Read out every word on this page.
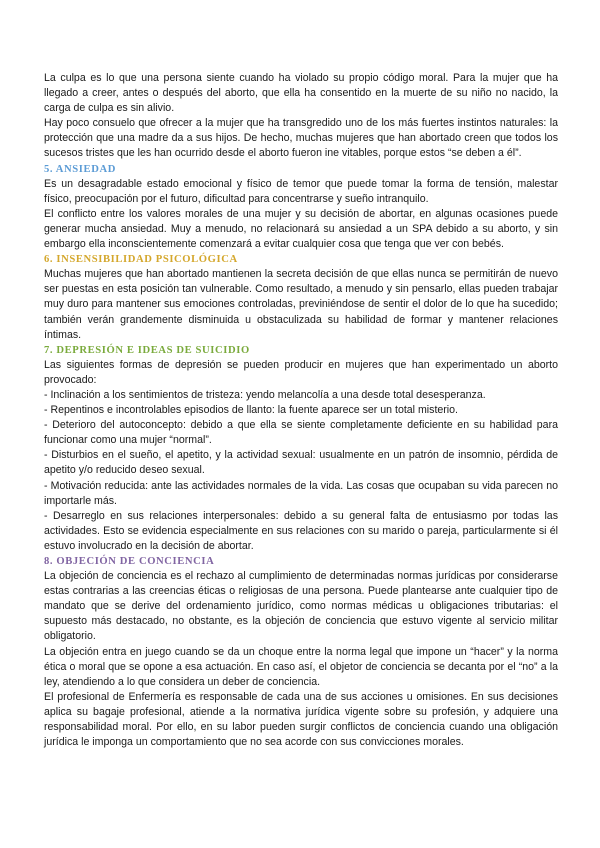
La culpa es lo que una persona siente cuando ha violado su propio código moral. Para la mujer que ha llegado a creer, antes o después del aborto, que ella ha consentido en la muerte de su niño no nacido, la carga de culpa es sin alivio.

Hay poco consuelo que ofrecer a la mujer que ha transgredido uno de los más fuertes instintos naturales: la protección que una madre da a sus hijos. De hecho, muchas mujeres que han abortado creen que todos los sucesos tristes que les han ocurrido desde el aborto fueron ine vitables, porque estos “se deben a él”.

5. ANSIEDAD

Es un desagradable estado emocional y físico de temor que puede tomar la forma de tensión, malestar físico, preocupación por el futuro, dificultad para concentrarse y sueño intranquilo.

El conflicto entre los valores morales de una mujer y su decisión de abortar, en algunas ocasiones puede generar mucha ansiedad. Muy a menudo, no relacionará su ansiedad a un SPA debido a su aborto, y sin embargo ella inconscientemente comenzará a evitar cualquier cosa que tenga que ver con bebés.

6. INSENSIBILIDAD PSICOLÓGICA

Muchas mujeres que han abortado mantienen la secreta decisión de que ellas nunca se permitirán de nuevo ser puestas en esta posición tan vulnerable. Como resultado, a menudo y sin pensarlo, ellas pueden trabajar muy duro para mantener sus emociones controladas, previniéndose de sentir el dolor de lo que ha sucedido; también verán grandemente disminuida u obstaculizada su habilidad de formar y mantener relaciones íntimas.

7. DEPRESIÓN E IDEAS DE SUICIDIO

Las siguientes formas de depresión se pueden producir en mujeres que han experimentado un aborto provocado:

- Inclinación a los sentimientos de tristeza: yendo melancolía a una desde total desesperanza.

- Repentinos e incontrolables episodios de llanto: la fuente aparece ser un total misterio.

- Deterioro del autoconcepto: debido a que ella se siente completamente deficiente en su habilidad para funcionar como una mujer “normal”.

- Disturbios en el sueño, el apetito, y la actividad sexual: usualmente en un patrón de insomnio, pérdida de apetito y/o reducido deseo sexual.

- Motivación reducida: ante las actividades normales de la vida. Las cosas que ocupaban su vida parecen no importarle más.

- Desarreglo en sus relaciones interpersonales: debido a su general falta de entusiasmo por todas las actividades. Esto se evidencia especialmente en sus relaciones con su marido o pareja, particularmente si él estuvo involucrado en la decisión de abortar.

8. OBJECIÓN DE CONCIENCIA

La objeción de conciencia es el rechazo al cumplimiento de determinadas normas jurídicas por considerarse estas contrarias a las creencias éticas o religiosas de una persona. Puede plantearse ante cualquier tipo de mandato que se derive del ordenamiento jurídico, como normas médicas u obligaciones tributarias: el supuesto más destacado, no obstante, es la objeción de conciencia que estuvo vigente al servicio militar obligatorio.

La objeción entra en juego cuando se da un choque entre la norma legal que impone un “hacer” y la norma ética o moral que se opone a esa actuación. En caso así, el objetor de conciencia se decanta por el “no” a la ley, atendiendo a lo que considera un deber de conciencia.

El profesional de Enfermería es responsable de cada una de sus acciones u omisiones. En sus decisiones aplica su bagaje profesional, atiende a la normativa jurídica vigente sobre su profesión, y adquiere una responsabilidad moral. Por ello, en su labor pueden surgir conflictos de conciencia cuando una obligación jurídica le imponga un comportamiento que no sea acorde con sus convicciones morales.
